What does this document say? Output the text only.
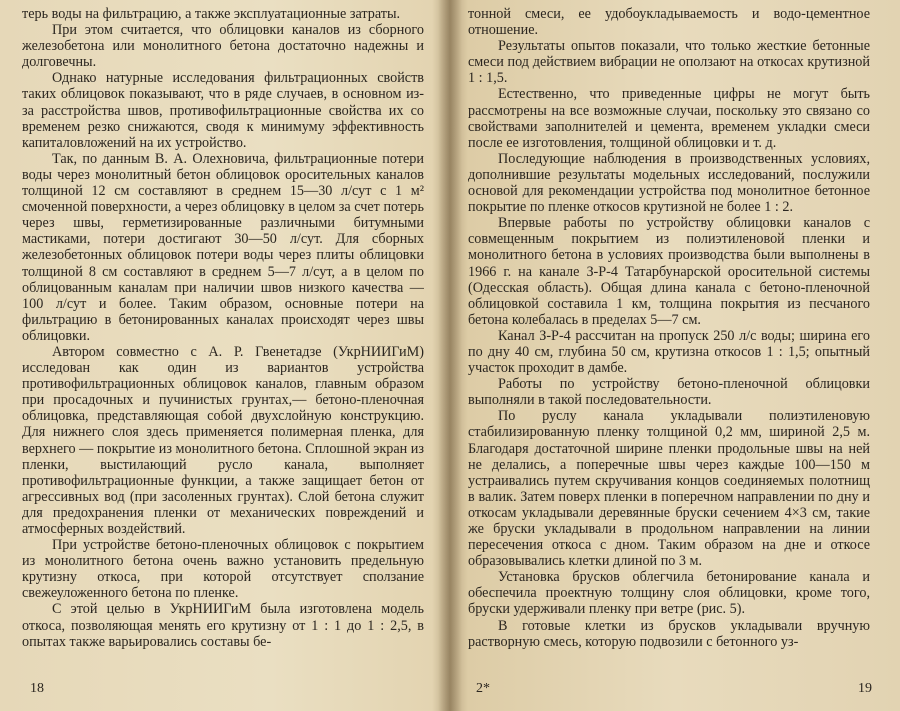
терь воды на фильтрацию, а также эксплуатационные затраты.

При этом считается, что облицовки каналов из сборного железобетона или монолитного бетона достаточно надежны и долговечны.

Однако натурные исследования фильтрационных свойств таких облицовок показывают, что в ряде случаев, в основном из-за расстройства швов, противофильтрационные свойства их со временем резко снижаются, сводя к минимуму эффективность капиталовложений на их устройство.

Так, по данным В. А. Олехновича, фильтрационные потери воды через монолитный бетон облицовок оросительных каналов толщиной 12 см составляют в среднем 15—30 л/сут с 1 м² смоченной поверхности, а через облицовку в целом за счет потерь через швы, герметизированные различными битумными мастиками, потери достигают 30—50 л/сут. Для сборных железобетонных облицовок потери воды через плиты облицовки толщиной 8 см составляют в среднем 5—7 л/сут, а в целом по облицованным каналам при наличии швов низкого качества — 100 л/сут и более. Таким образом, основные потери на фильтрацию в бетонированных каналах происходят через швы облицовки.

Автором совместно с А. Р. Гвенетадзе (УкрНИИГиМ) исследован как один из вариантов устройства противофильтрационных облицовок каналов, главным образом при просадочных и пучинистых грунтах,— бетоно-пленочная облицовка, представляющая собой двухслойную конструкцию. Для нижнего слоя здесь применяется полимерная пленка, для верхнего — покрытие из монолитного бетона. Сплошной экран из пленки, выстилающий русло канала, выполняет противофильтрационные функции, а также защищает бетон от агрессивных вод (при засоленных грунтах). Слой бетона служит для предохранения пленки от механических повреждений и атмосферных воздействий.

При устройстве бетоно-пленочных облицовок с покрытием из монолитного бетона очень важно установить предельную крутизну откоса, при которой отсутствует сползание свежеуложенного бетона по пленке.

С этой целью в УкрНИИГиМ была изготовлена модель откоса, позволяющая менять его крутизну от 1 : 1 до 1 : 2,5, в опытах также варьировались составы бе-

тонной смеси, ее удобоукладываемость и водо-цементное отношение.

Результаты опытов показали, что только жесткие бетонные смеси под действием вибрации не оползают на откосах крутизной 1 : 1,5.

Естественно, что приведенные цифры не могут быть рассмотрены на все возможные случаи, поскольку это связано со свойствами заполнителей и цемента, временем укладки смеси после ее изготовления, толщиной облицовки и т. д.

Последующие наблюдения в производственных условиях, дополнившие результаты модельных исследований, послужили основой для рекомендации устройства под монолитное бетонное покрытие по пленке откосов крутизной не более 1 : 2.

Впервые работы по устройству облицовки каналов с совмещенным покрытием из полиэтиленовой пленки и монолитного бетона в условиях производства были выполнены в 1966 г. на канале З-Р-4 Татарбунарской оросительной системы (Одесская область). Общая длина канала с бетоно-пленочной облицовкой составила 1 км, толщина покрытия из песчаного бетона колебалась в пределах 5—7 см.

Канал З-Р-4 рассчитан на пропуск 250 л/с воды; ширина его по дну 40 см, глубина 50 см, крутизна откосов 1 : 1,5; опытный участок проходит в дамбе.

Работы по устройству бетоно-пленочной облицовки выполняли в такой последовательности.

По руслу канала укладывали полиэтиленовую стабилизированную пленку толщиной 0,2 мм, шириной 2,5 м. Благодаря достаточной ширине пленки продольные швы на ней не делались, а поперечные швы через каждые 100—150 м устраивались путем скручивания концов соединяемых полотнищ в валик. Затем поверх пленки в поперечном направлении по дну и откосам укладывали деревянные бруски сечением 4×3 см, такие же бруски укладывали в продольном направлении на линии пересечения откоса с дном. Таким образом на дне и откосе образовывались клетки длиной по 3 м.

Установка брусков облегчила бетонирование канала и обеспечила проектную толщину слоя облицовки, кроме того, бруски удерживали пленку при ветре (рис. 5).

В готовые клетки из брусков укладывали вручную растворную смесь, которую подвозили с бетонного уз-

18	2*	19
